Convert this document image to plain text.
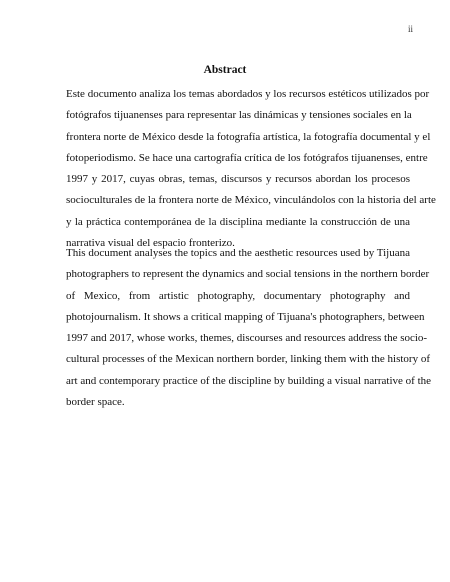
ii
Abstract

Este documento analiza los temas abordados y los recursos estéticos utilizados por
fotógrafos tijuanenses para representar las dinámicas y tensiones sociales en la
frontera norte de México desde la fotografía artística, la fotografía documental y el
fotoperiodismo. Se hace una cartografía crítica de los fotógrafos tijuanenses, entre
1997 y 2017, cuyas obras, temas, discursos y recursos abordan los procesos
socioculturales de la frontera norte de México, vinculándolos con la historia del arte
y la práctica contemporánea de la disciplina mediante la construcción de una
narrativa visual del espacio fronterizo.

This document analyses the topics and the aesthetic resources used by Tijuana
photographers to represent the dynamics and social tensions in the northern border
of Mexico, from artistic photography, documentary photography and
photojournalism. It shows a critical mapping of Tijuana's photographers, between
1997 and 2017, whose works, themes, discourses and resources address the socio-
cultural processes of the Mexican northern border, linking them with the history of
art and contemporary practice of the discipline by building a visual narrative of the
border space.
